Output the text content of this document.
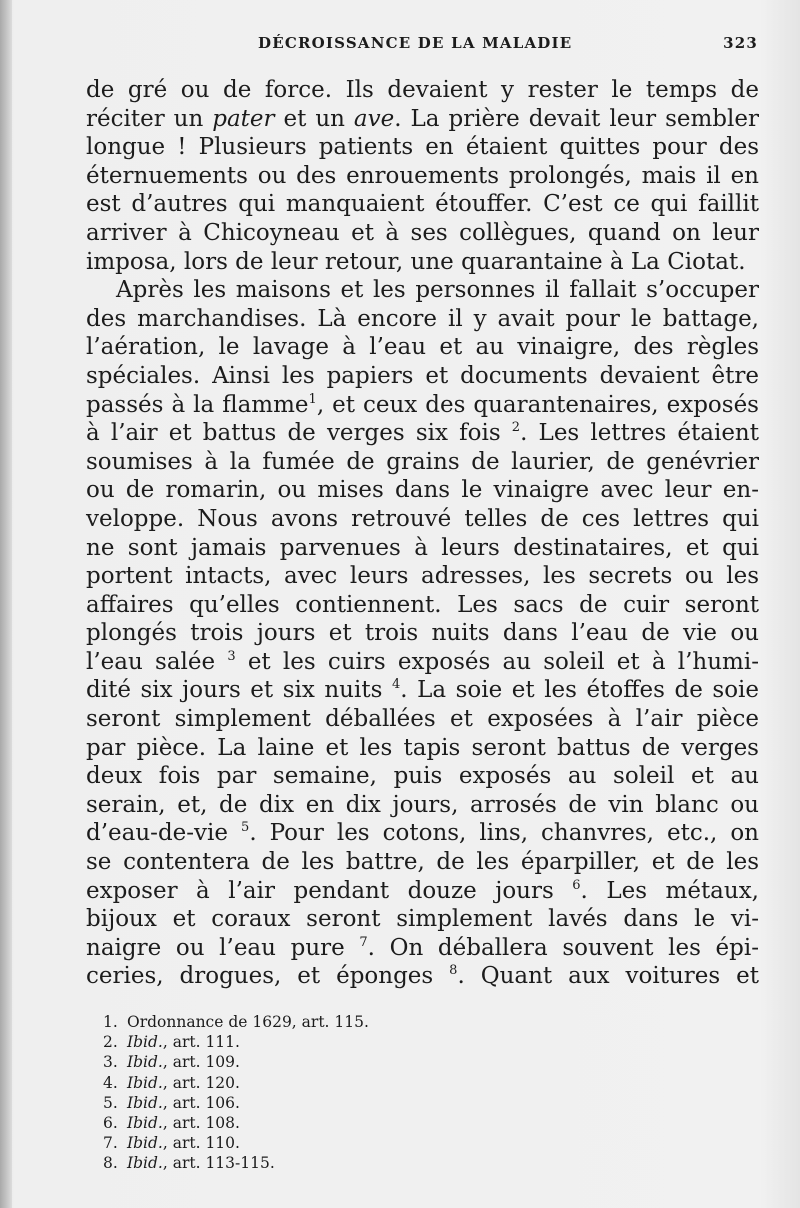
DÉCROISSANCE DE LA MALADIE	323
de gré ou de force. Ils devaient y rester le temps de
réciter un pater et un ave. La prière devait leur sembler
longue ! Plusieurs patients en étaient quittes pour des
éternuements ou des enrouements prolongés, mais il en
est d’autres qui manquaient étouffer. C’est ce qui faillit
arriver à Chicoyneau et à ses collègues, quand on leur
imposa, lors de leur retour, une quarantaine à La Ciotat.
Après les maisons et les personnes il fallait s’occuper
des marchandises. Là encore il y avait pour le battage,
l’aération, le lavage à l’eau et au vinaigre, des règles
spéciales. Ainsi les papiers et documents devaient être
passés à la flamme$^1$, et ceux des quarantenaires, exposés
à l’air et battus de verges six fois $^2$. Les lettres étaient
soumises à la fumée de grains de laurier, de genévrier
ou de romarin, ou mises dans le vinaigre avec leur en-
veloppe. Nous avons retrouvé telles de ces lettres qui
ne sont jamais parvenues à leurs destinataires, et qui
portent intacts, avec leurs adresses, les secrets ou les
affaires qu’elles contiennent. Les sacs de cuir seront
plongés trois jours et trois nuits dans l’eau de vie ou
l’eau salée $^3$ et les cuirs exposés au soleil et à l’humi-
dité six jours et six nuits $^4$. La soie et les étoffes de soie
seront simplement déballées et exposées à l’air pièce
par pièce. La laine et les tapis seront battus de verges
deux fois par semaine, puis exposés au soleil et au
serain, et, de dix en dix jours, arrosés de vin blanc ou
d’eau-de-vie $^5$. Pour les cotons, lins, chanvres, etc., on
se contentera de les battre, de les éparpiller, et de les
exposer à l’air pendant douze jours $^6$. Les métaux,
bijoux et coraux seront simplement lavés dans le vi-
naigre ou l’eau pure $^7$. On déballera souvent les épi-
ceries, drogues, et éponges $^8$. Quant aux voitures et
1. Ordonnance de 1629, art. 115.
2. Ibid., art. 111.
3. Ibid., art. 109.
4. Ibid., art. 120.
5. Ibid., art. 106.
6. Ibid., art. 108.
7. Ibid., art. 110.
8. Ibid., art. 113-115.
